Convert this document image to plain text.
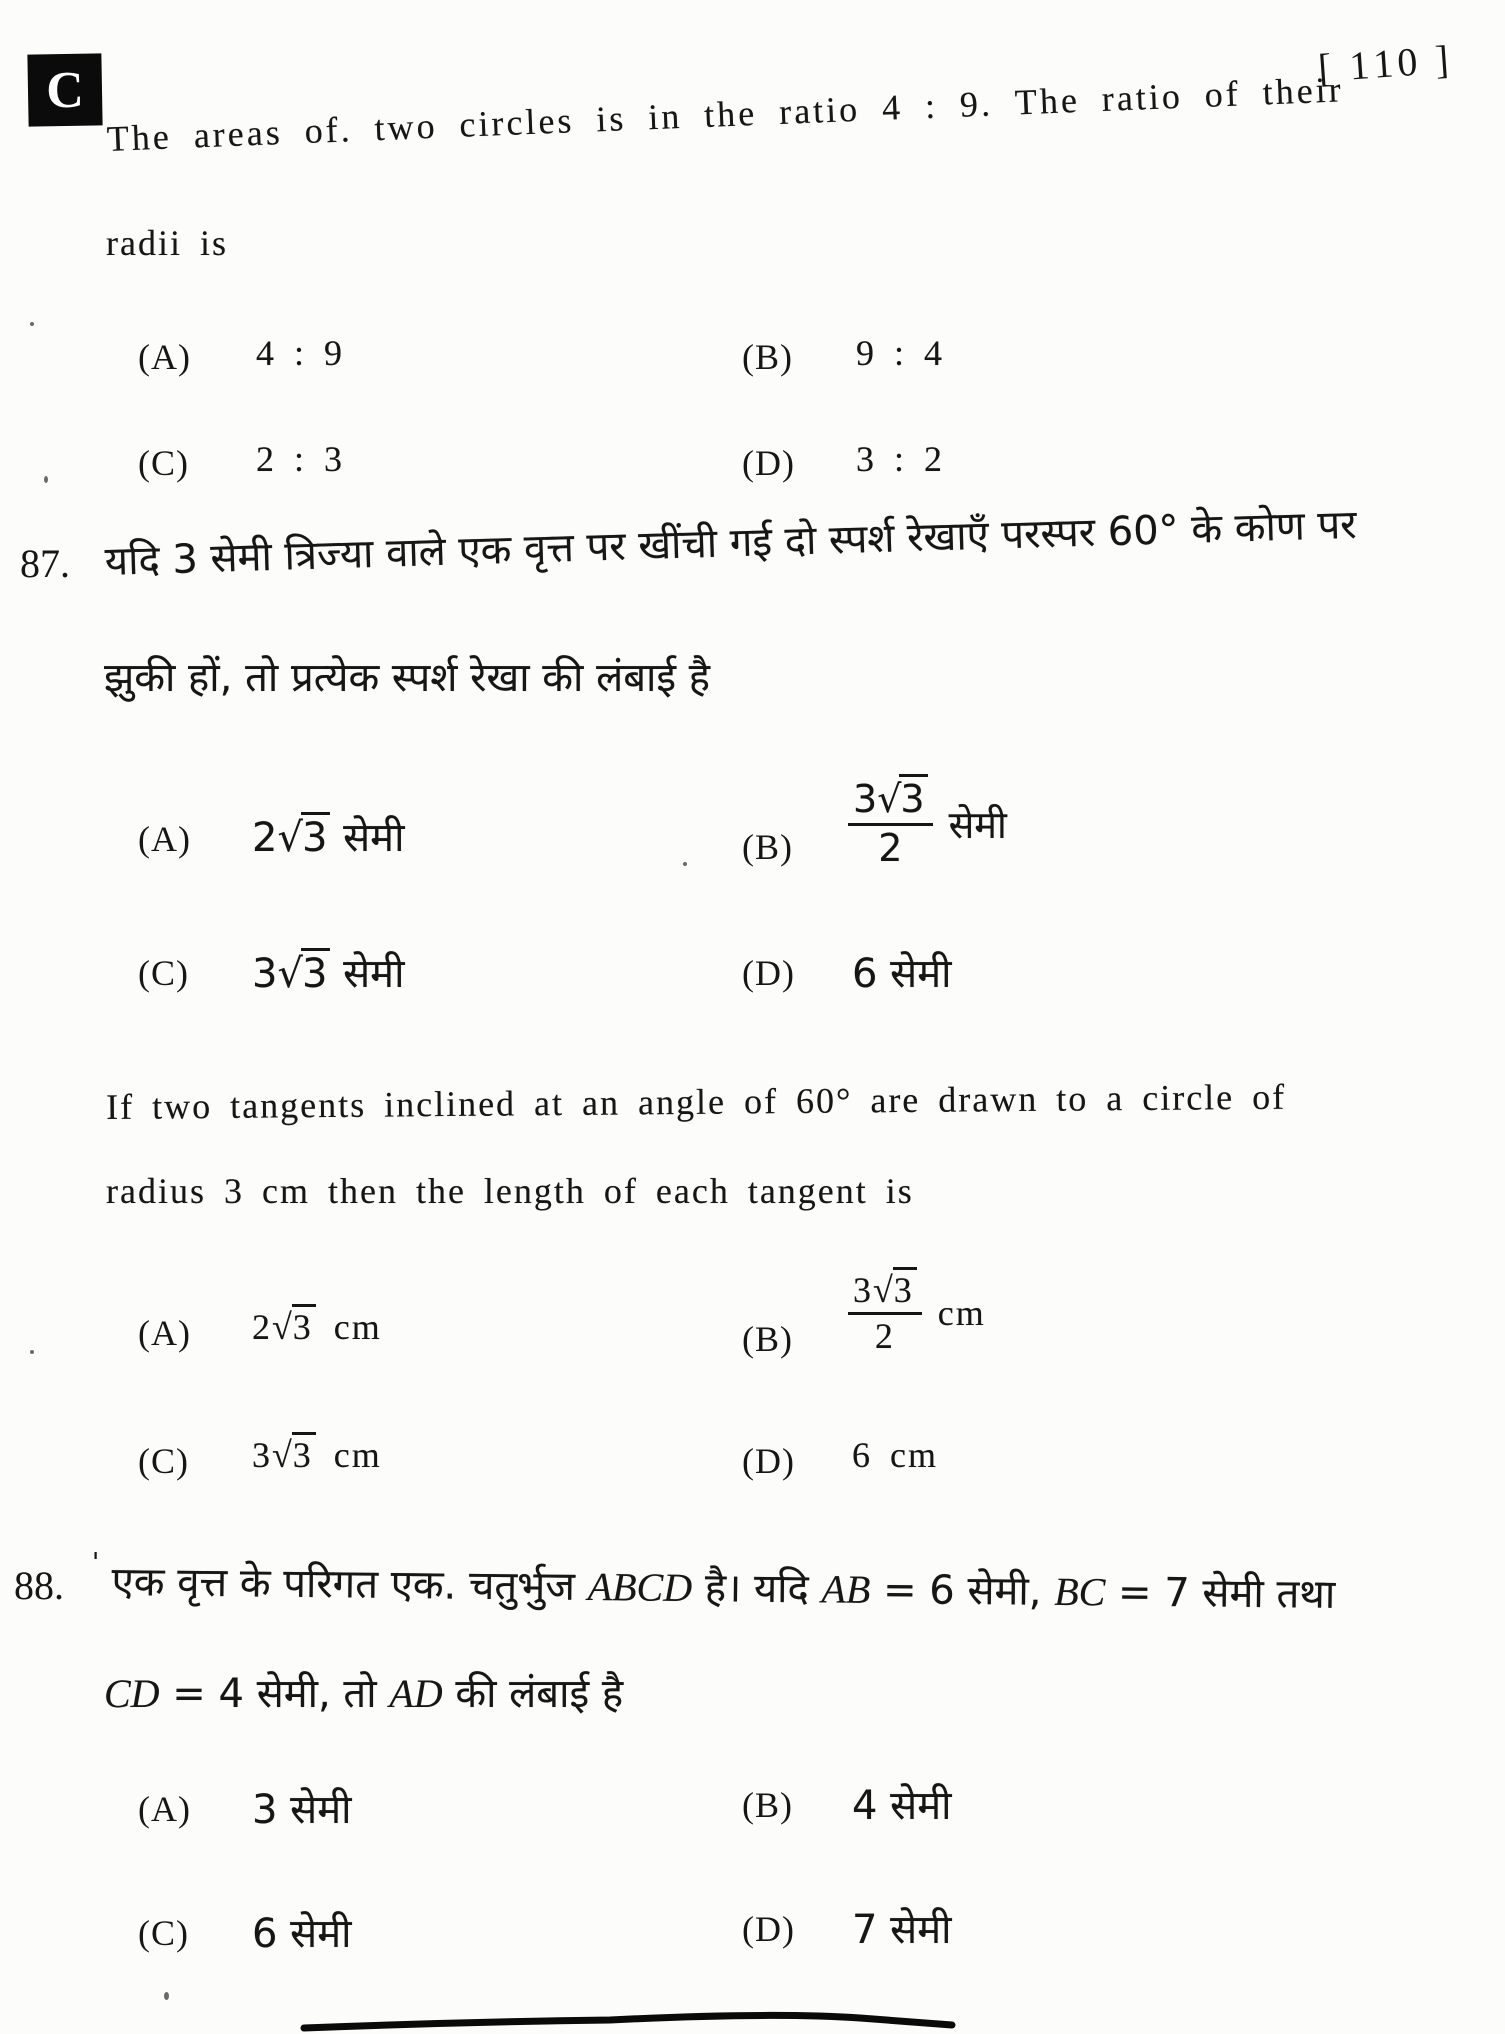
C	[ 110 ]
The areas of. two circles is in the ratio 4 : 9. The ratio of their
radii is
(A) 4 : 9	(B) 9 : 4
(C) 2 : 3	(D) 3 : 2
87. यदि 3 सेमी त्रिज्या वाले एक वृत्त पर खींची गई दो स्पर्श रेखाएँ परस्पर 60° के कोण पर
झुकी हों, तो प्रत्येक स्पर्श रेखा की लंबाई है
(A) 2√3 सेमी	$(B) \frac{3√3}{2}$ सेमी
(C) 3√3 सेमी	(D) 6 सेमी
If two tangents inclined at an angle of 60° are drawn to a circle of
radius 3 cm then the length of each tangent is
(A) 2√3 cm	$(B) \frac{3√3}{2}$ cm
(C) 3√3 cm	(D) 6 cm
88. ' एक वृत्त के परिगत एक. चतुर्भुज ABCD है। यदि AB = 6 सेमी, BC = 7 सेमी तथा
CD = 4 सेमी, तो AD की लंबाई है
(A) 3 सेमी	(B) 4 सेमी
(C) 6 सेमी	(D) 7 सेमी
